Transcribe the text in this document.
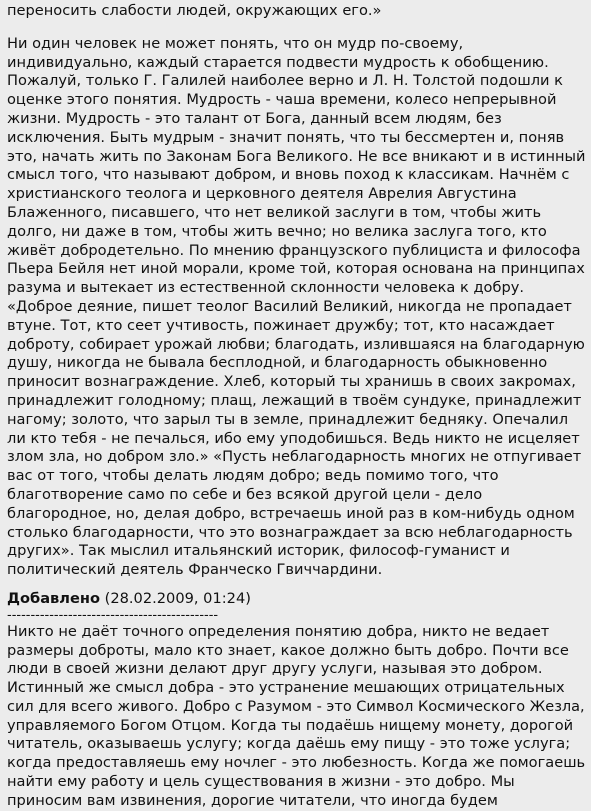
переносить слабости людей, окружающих его.»

Ни один человек не может понять, что он мудр по-своему,
индивидуально, каждый старается подвести мудрость к обобщению.
Пожалуй, только Г. Галилей наиболее верно и Л. Н. Толстой подошли к
оценке этого понятия. Мудрость - чаша времени, колесо непрерывной
жизни. Мудрость - это талант от Бога, данный всем людям, без
исключения. Быть мудрым - значит понять, что ты бессмертен и, поняв
это, начать жить по Законам Бога Великого. Не все вникают и в истинный
смысл того, что называют добром, и вновь поход к классикам. Начнём с
христианского теолога и церковного деятеля Аврелия Августина
Блаженного, писавшего, что нет великой заслуги в том, чтобы жить
долго, ни даже в том, чтобы жить вечно; но велика заслуга того, кто
живёт добродетельно. По мнению французского публициста и философа
Пьера Бейля нет иной морали, кроме той, которая основана на принципах
разума и вытекает из естественной склонности человека к добру.
«Доброе деяние, пишет теолог Василий Великий, никогда не пропадает
втуне. Тот, кто сеет учтивость, пожинает дружбу; тот, кто насаждает
доброту, собирает урожай любви; благодать, излившаяся на благодарную
душу, никогда не бывала бесплодной, и благодарность обыкновенно
приносит вознаграждение. Хлеб, который ты хранишь в своих закромах,
принадлежит голодному; плащ, лежащий в твоём сундуке, принадлежит
нагому; золото, что зарыл ты в земле, принадлежит бедняку. Опечалил
ли кто тебя - не печалься, ибо ему уподобишься. Ведь никто не исцеляет
злом зла, но добром зло.» «Пусть неблагодарность многих не отпугивает
вас от того, чтобы делать людям добро; ведь помимо того, что
благотворение само по себе и без всякой другой цели - дело
благородное, но, делая добро, встречаешь иной раз в ком-нибудь одном
столько благодарности, что это вознаграждает за всю неблагодарность
других». Так мыслил итальянский историк, философ-гуманист и
политический деятель Франческо Гвиччардини.

Добавлено (28.02.2009, 01:24)
---------------------------------------------

Никто не даёт точного определения понятию добра, никто не ведает
размеры доброты, мало кто знает, какое должно быть добро. Почти все
люди в своей жизни делают друг другу услуги, называя это добром.
Истинный же смысл добра - это устранение мешающих отрицательных
сил для всего живого. Добро с Разумом - это Символ Космического Жезла,
управляемого Богом Отцом. Когда ты подаёшь нищему монету, дорогой
читатель, оказываешь услугу; когда даёшь ему пищу - это тоже услуга;
когда предоставляешь ему ночлег - это любезность. Когда же помогаешь
найти ему работу и цель существования в жизни - это добро. Мы
приносим вам извинения, дорогие читатели, что иногда будем
